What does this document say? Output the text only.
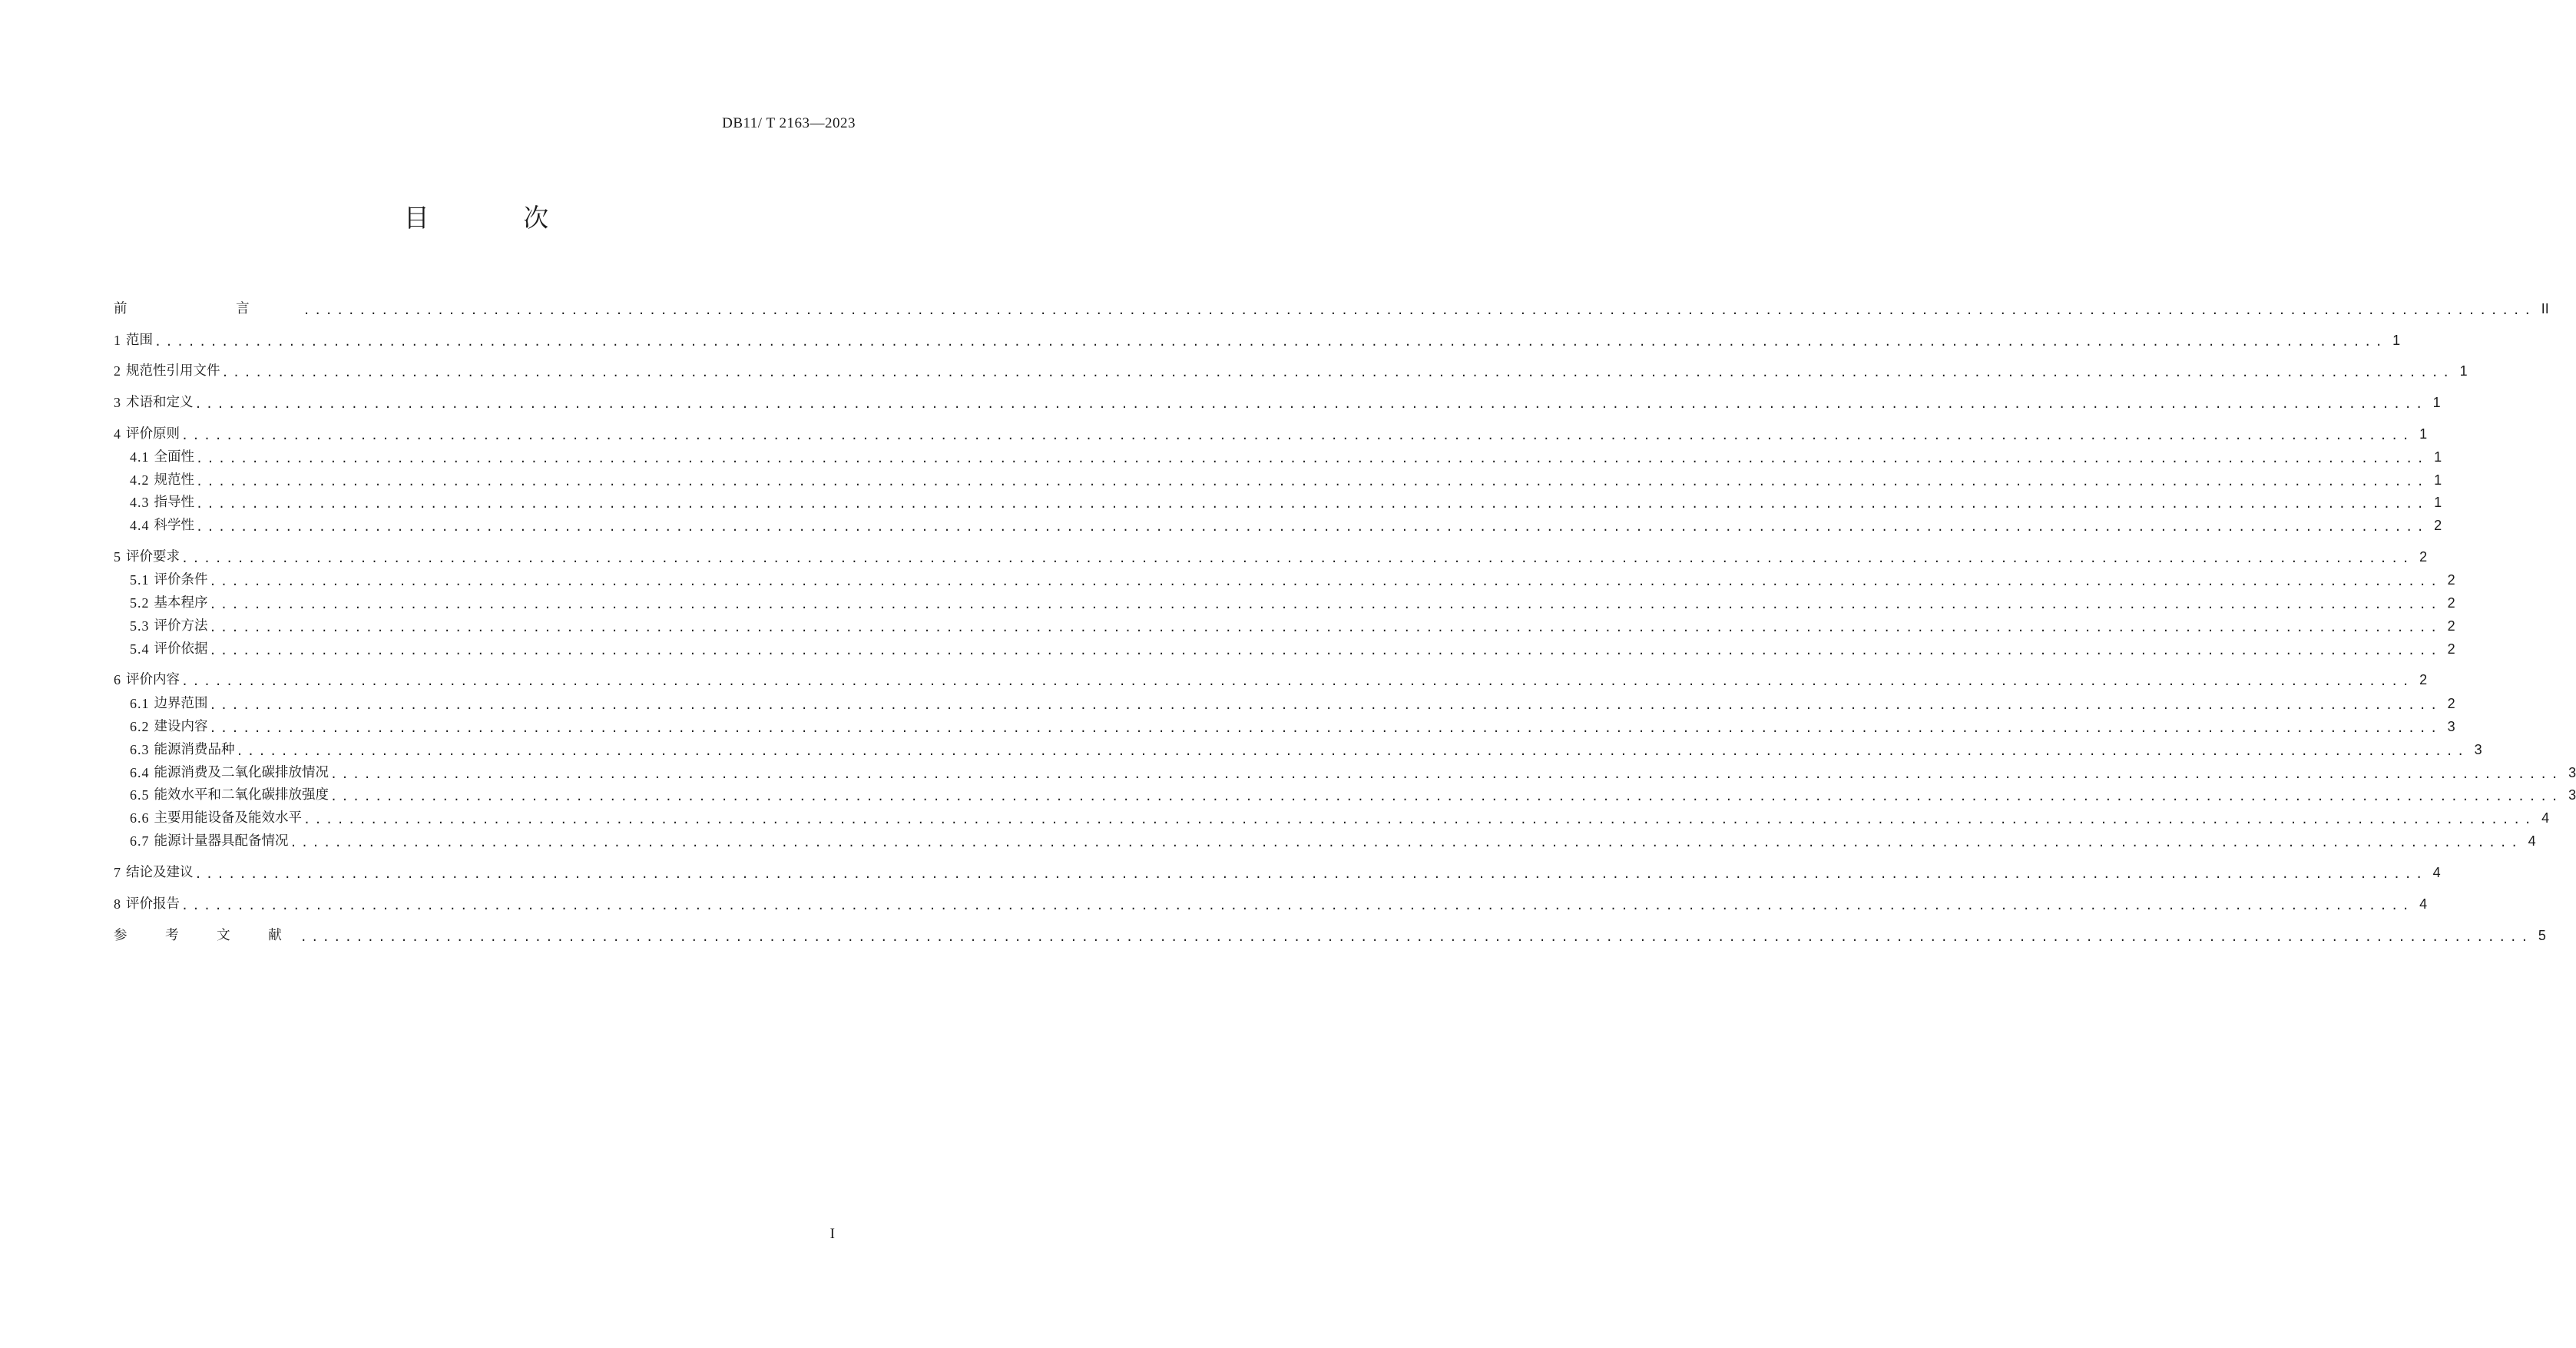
DB11/ T 2163—2023
目 次
前 言 ........................................................................................................................................................................................................ II
1 范围 ........................................................................................................................................................................................................ 1
2 规范性引用文件 ........................................................................................................................................................................................................ 1
3 术语和定义 ........................................................................................................................................................................................................ 1
4 评价原则 ........................................................................................................................................................................................................ 1
4.1 全面性 ........................................................................................................................................................................................................ 1
4.2 规范性 ........................................................................................................................................................................................................ 1
4.3 指导性 ........................................................................................................................................................................................................ 1
4.4 科学性 ........................................................................................................................................................................................................ 2
5 评价要求 ........................................................................................................................................................................................................ 2
5.1 评价条件 ........................................................................................................................................................................................................ 2
5.2 基本程序 ........................................................................................................................................................................................................ 2
5.3 评价方法 ........................................................................................................................................................................................................ 2
5.4 评价依据 ........................................................................................................................................................................................................ 2
6 评价内容 ........................................................................................................................................................................................................ 2
6.1 边界范围 ........................................................................................................................................................................................................ 2
6.2 建设内容 ........................................................................................................................................................................................................ 3
6.3 能源消费品种 ........................................................................................................................................................................................................ 3
6.4 能源消费及二氧化碳排放情况 ........................................................................................................................................................................................................ 3
6.5 能效水平和二氧化碳排放强度 ........................................................................................................................................................................................................ 3
6.6 主要用能设备及能效水平 ........................................................................................................................................................................................................ 4
6.7 能源计量器具配备情况 ........................................................................................................................................................................................................ 4
7 结论及建议 ........................................................................................................................................................................................................ 4
8 评价报告 ........................................................................................................................................................................................................ 4
参 考 文 献 ........................................................................................................................................................................................................ 5
I
